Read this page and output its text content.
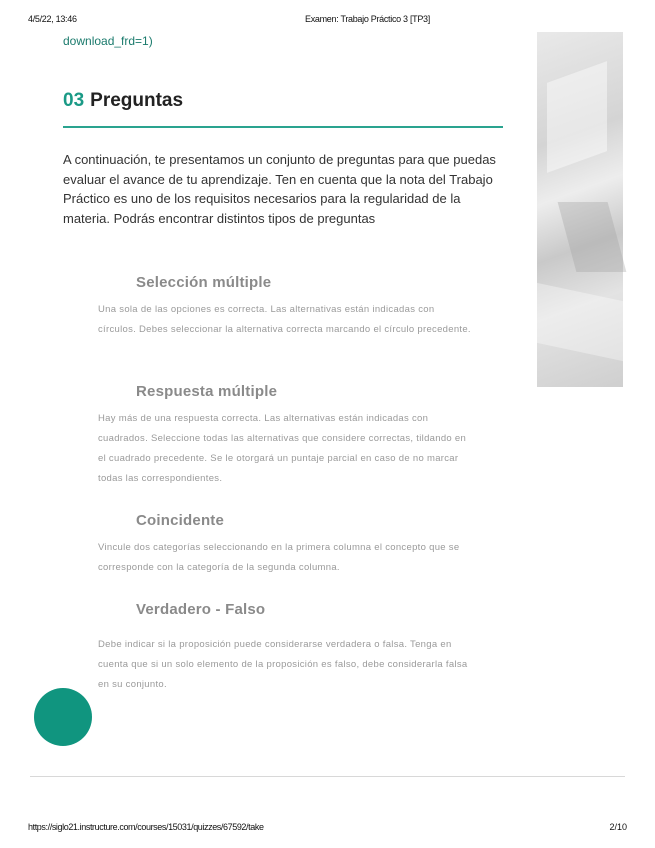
4/5/22, 13:46	Examen: Trabajo Práctico 3 [TP3]
download_frd=1)
03 Preguntas
A continuación, te presentamos un conjunto de preguntas para que puedas evaluar el avance de tu aprendizaje. Ten en cuenta que la nota del Trabajo Práctico es uno de los requisitos necesarios para la regularidad de la materia. Podrás encontrar distintos tipos de preguntas
Selección múltiple
Una sola de las opciones es correcta. Las alternativas están indicadas con círculos. Debes seleccionar la alternativa correcta marcando el círculo precedente.
Respuesta múltiple
Hay más de una respuesta correcta. Las alternativas están indicadas con cuadrados. Seleccione todas las alternativas que considere correctas, tildando en el cuadrado precedente. Se le otorgará un puntaje parcial en caso de no marcar todas las correspondientes.
Coincidente
Vincule dos categorías seleccionando en la primera columna el concepto que se corresponde con la categoría de la segunda columna.
Verdadero - Falso
Debe indicar si la proposición puede considerarse verdadera o falsa. Tenga en cuenta que si un solo elemento de la proposición es falso, debe considerarla falsa en su conjunto.
https://siglo21.instructure.com/courses/15031/quizzes/67592/take	2/10
